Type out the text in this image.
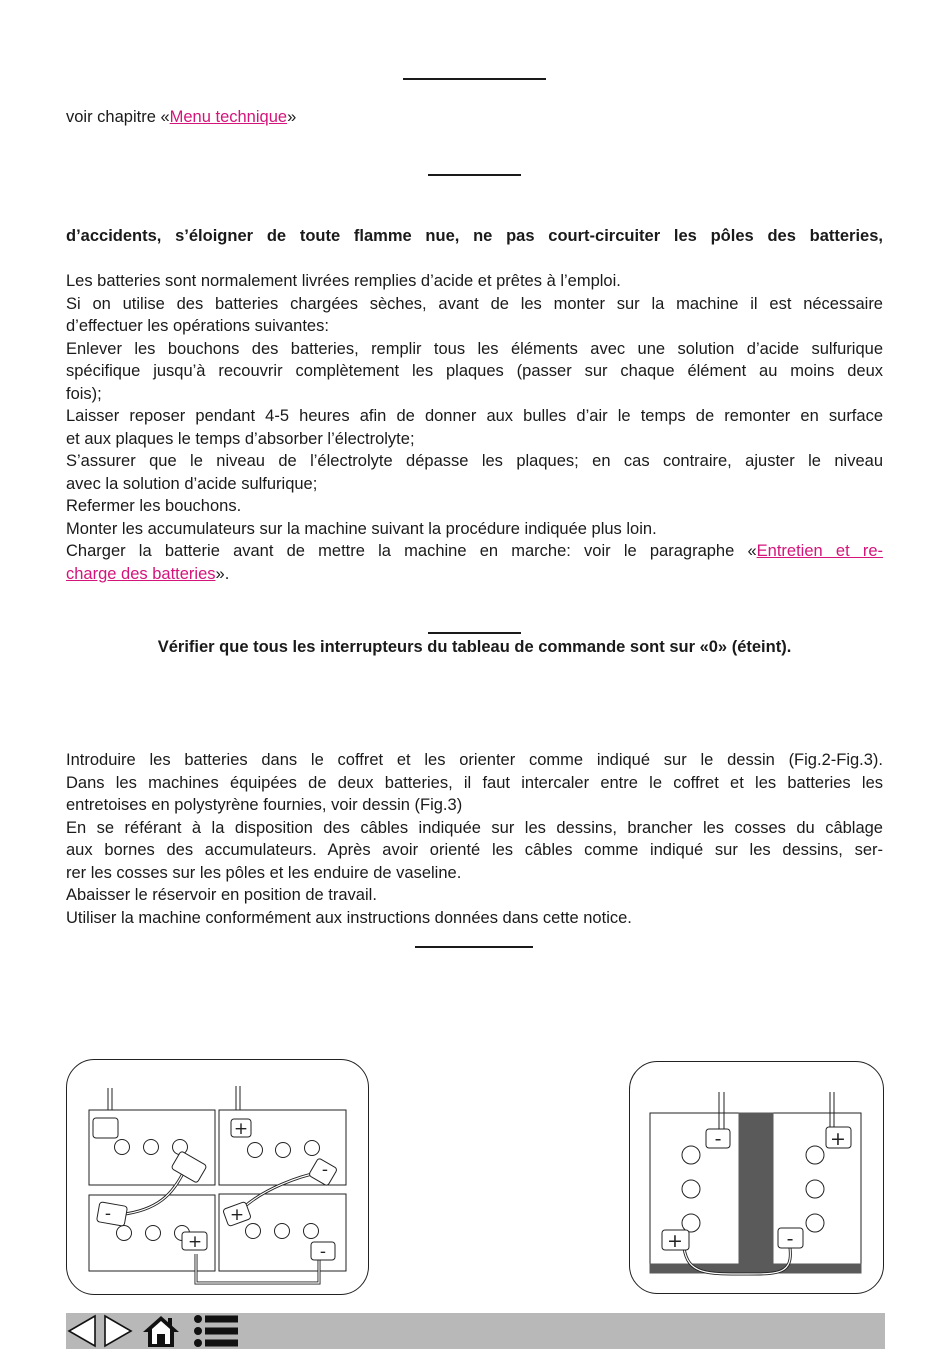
voir chapitre «Menu technique»
d’accidents, s’éloigner de toute flamme nue, ne pas court-circuiter les pôles des batteries,
Les batteries sont normalement livrées remplies d’acide et prêtes à l’emploi.
Si on utilise des batteries chargées sèches, avant de les monter sur la machine il est nécessaire
d’effectuer les opérations suivantes:
Enlever les bouchons des batteries, remplir tous les éléments avec une solution d’acide sulfurique
spécifique jusqu’à recouvrir complètement les plaques (passer sur chaque élément au moins deux
fois);
Laisser reposer pendant 4-5 heures afin de donner aux bulles d’air le temps de remonter en surface
et aux plaques le temps d’absorber l’électrolyte;
S’assurer que le niveau de l’électrolyte dépasse les plaques; en cas contraire, ajuster le niveau
avec la solution d’acide sulfurique;
Refermer les bouchons.
Monter les accumulateurs sur la machine suivant la procédure indiquée plus loin.
Charger la batterie avant de mettre la machine en marche: voir le paragraphe «Entretien et re-
charge des batteries».
Vérifier que tous les interrupteurs du tableau de commande sont sur «0» (éteint).
Introduire les batteries dans le coffret et les orienter comme indiqué sur le dessin (Fig.2-Fig.3).
Dans les machines équipées de deux batteries, il faut intercaler entre le coffret et les batteries les
entretoises en polystyrène fournies, voir dessin (Fig.3)
En se référant à la disposition des câbles indiquée sur les dessins, brancher les cosses du câblage
aux bornes des accumulateurs. Après avoir orienté les câbles comme indiqué sur les dessins, ser-
rer les cosses sur les pôles et les enduire de vaseline.
Abaisser le réservoir en position de travail.
Utiliser la machine conformément aux instructions données dans cette notice.
+
+
+
-
-
-
-	+
+	-
